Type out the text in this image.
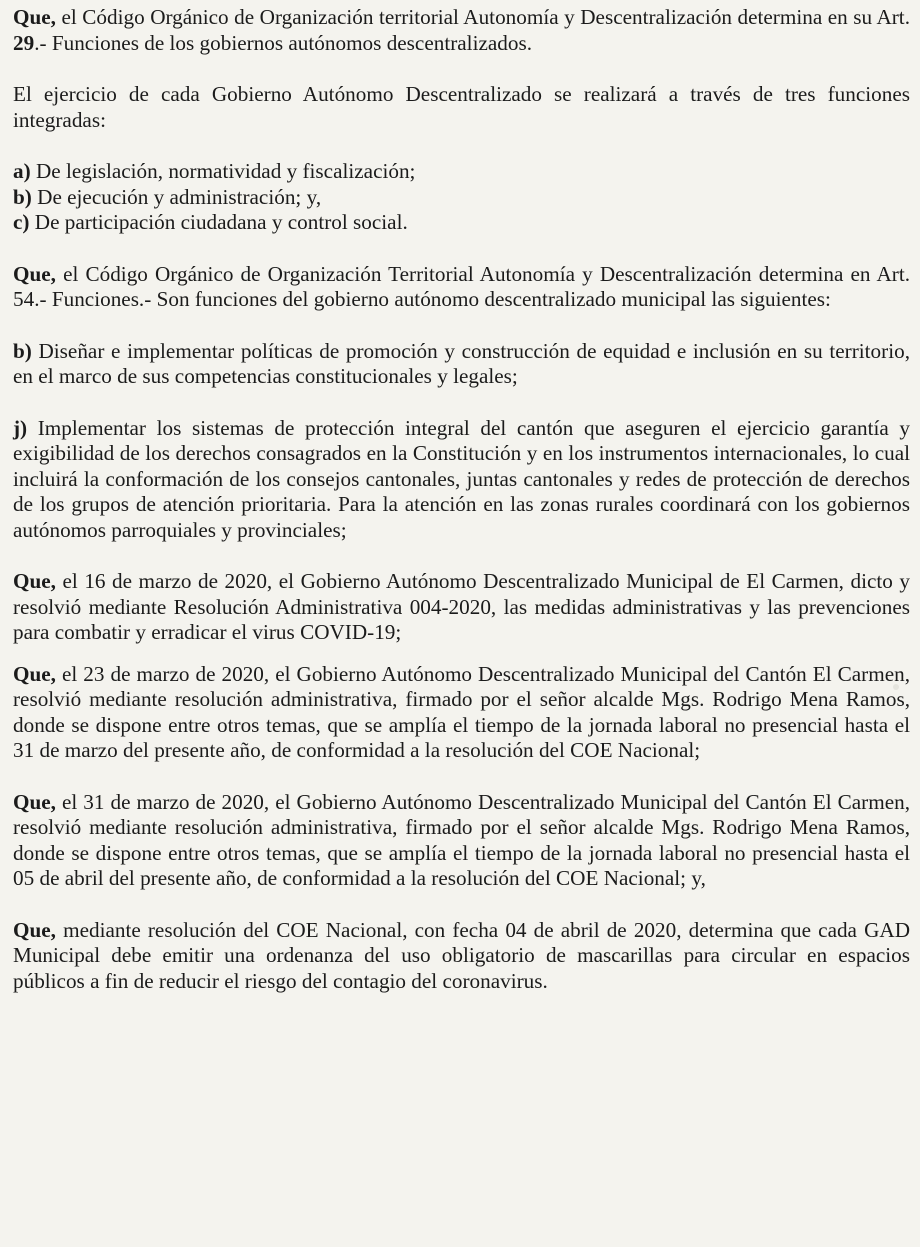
Que, el Código Orgánico de Organización territorial Autonomía y Descentralización determina en su Art. 29.- Funciones de los gobiernos autónomos descentralizados.

El ejercicio de cada Gobierno Autónomo Descentralizado se realizará a través de tres funciones integradas:

a) De legislación, normatividad y fiscalización;

b) De ejecución y administración; y,

c) De participación ciudadana y control social.

Que, el Código Orgánico de Organización Territorial Autonomía y Descentralización determina en Art. 54.- Funciones.- Son funciones del gobierno autónomo descentralizado municipal las siguientes:

b) Diseñar e implementar políticas de promoción y construcción de equidad e inclusión en su territorio, en el marco de sus competencias constitucionales y legales;

j) Implementar los sistemas de protección integral del cantón que aseguren el ejercicio garantía y exigibilidad de los derechos consagrados en la Constitución y en los instrumentos internacionales, lo cual incluirá la conformación de los consejos cantonales, juntas cantonales y redes de protección de derechos de los grupos de atención prioritaria. Para la atención en las zonas rurales coordinará con los gobiernos autónomos parroquiales y provinciales;

Que, el 16 de marzo de 2020, el Gobierno Autónomo Descentralizado Municipal de El Carmen, dicto y resolvió mediante Resolución Administrativa 004-2020, las medidas administrativas y las prevenciones para combatir y erradicar el virus COVID-19;

Que, el 23 de marzo de 2020, el Gobierno Autónomo Descentralizado Municipal del Cantón El Carmen, resolvió mediante resolución administrativa, firmado por el señor alcalde Mgs. Rodrigo Mena Ramos, donde se dispone entre otros temas, que se amplía el tiempo de la jornada laboral no presencial hasta el 31 de marzo del presente año, de conformidad a la resolución del COE Nacional;

Que, el 31 de marzo de 2020, el Gobierno Autónomo Descentralizado Municipal del Cantón El Carmen, resolvió mediante resolución administrativa, firmado por el señor alcalde Mgs. Rodrigo Mena Ramos, donde se dispone entre otros temas, que se amplía el tiempo de la jornada laboral no presencial hasta el 05 de abril del presente año, de conformidad a la resolución del COE Nacional; y,

Que, mediante resolución del COE Nacional, con fecha 04 de abril de 2020, determina que cada GAD Municipal debe emitir una ordenanza del uso obligatorio de mascarillas para circular en espacios públicos a fin de reducir el riesgo del contagio del coronavirus.
